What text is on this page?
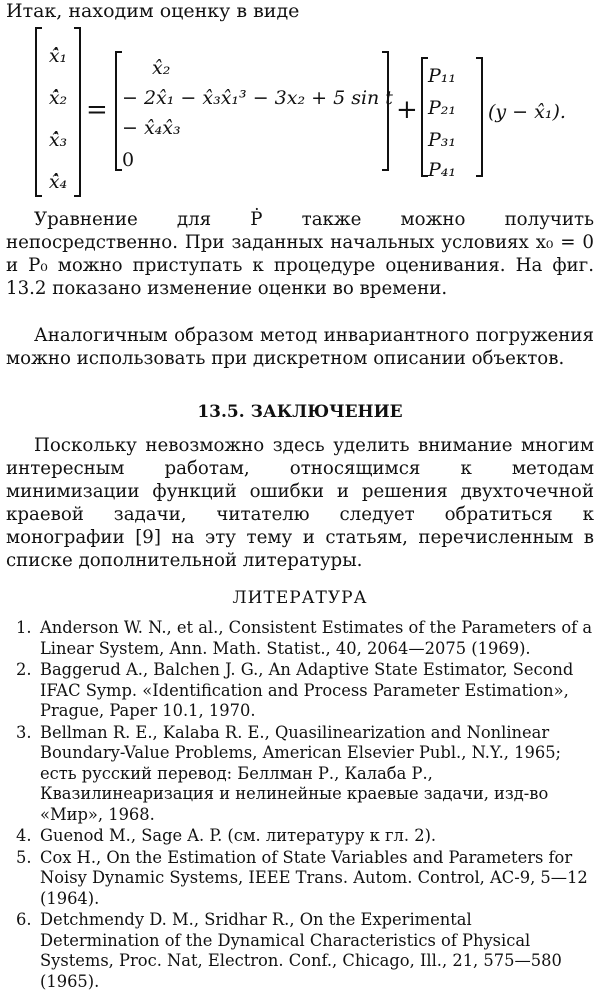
Итак, находим оценку в виде
x̂̇₁
x̂̇₂
x̂̇₃
x̂̇₄
=
x̂₂
− 2x̂₁ − x̂₃x̂₁³ − 3x₂ + 5 sin t
− x̂₄x̂₃
0
+
P₁₁
P₂₁
P₃₁
P₄₁
(y − x̂₁).

Уравнение для Ṗ также можно получить непосредственно. При заданных начальных условиях x₀ = 0 и P₀ можно приступать к процедуре оценивания. На фиг. 13.2 показано изменение оценки во времени.

Аналогичным образом метод инвариантного погружения можно использовать при дискретном описании объектов.

13.5. ЗАКЛЮЧЕНИЕ

Поскольку невозможно здесь уделить внимание многим интересным работам, относящимся к методам минимизации функций ошибки и решения двухточечной краевой задачи, читателю следует обратиться к монографии [9] на эту тему и статьям, перечисленным в списке дополнительной литературы.

ЛИТЕРАТУРА
1. Anderson W. N., et al., Consistent Estimates of the Parameters of a Linear System, Ann. Math. Statist., 40, 2064—2075 (1969).
2. Baggerud A., Balchen J. G., An Adaptive State Estimator, Second IFAC Symp. «Identification and Process Parameter Estimation», Prague, Paper 10.1, 1970.
3. Bellman R. E., Kalaba R. E., Quasilinearization and Nonlinear Boundary-Value Problems, American Elsevier Publ., N.Y., 1965; есть русский перевод: Беллман Р., Калаба Р., Квазилинеаризация и нелинейные краевые задачи, изд-во «Мир», 1968.
4. Guenod M., Sage A. P. (см. литературу к гл. 2).
5. Cox H., On the Estimation of State Variables and Parameters for Noisy Dynamic Systems, IEEE Trans. Autom. Control, AC-9, 5—12 (1964).
6. Detchmendy D. M., Sridhar R., On the Experimental Determination of the Dynamical Characteristics of Physical Systems, Proc. Nat, Electron. Conf., Chicago, Ill., 21, 575—580 (1965).
